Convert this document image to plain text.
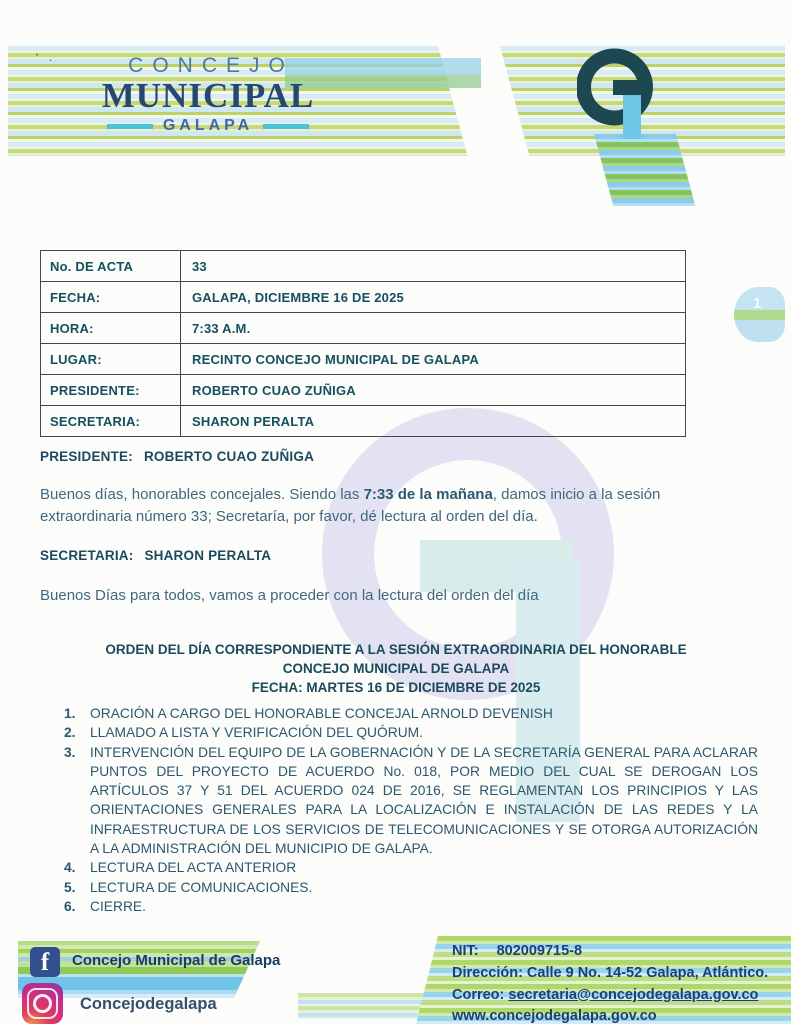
' .	CONCEJO
MUNICIPAL
GALAPA
1
No. DE ACTA	33
FECHA:	GALAPA, DICIEMBRE 16 DE 2025
HORA:	7:33 A.M.
LUGAR:	RECINTO CONCEJO MUNICIPAL DE GALAPA
PRESIDENTE:	ROBERTO CUAO ZUÑIGA
SECRETARIA:	SHARON PERALTA
PRESIDENTE: ROBERTO CUAO ZUÑIGA
Buenos días, honorables concejales. Siendo las 7:33 de la mañana, damos inicio a la sesión extraordinaria número 33; Secretaría, por favor, dé lectura al orden del día.
SECRETARIA: SHARON PERALTA
Buenos Días para todos, vamos a proceder con la lectura del orden del día
ORDEN DEL DÍA CORRESPONDIENTE A LA SESIÓN EXTRAORDINARIA DEL HONORABLE
CONCEJO MUNICIPAL DE GALAPA
FECHA: MARTES 16 DE DICIEMBRE DE 2025
1.	ORACIÓN A CARGO DEL HONORABLE CONCEJAL ARNOLD DEVENISH
2.	LLAMADO A LISTA Y VERIFICACIÓN DEL QUÓRUM.
3.	INTERVENCIÓN DEL EQUIPO DE LA GOBERNACIÓN Y DE LA SECRETARÍA GENERAL PARA ACLARAR PUNTOS DEL PROYECTO DE ACUERDO No. 018, POR MEDIO DEL CUAL SE DEROGAN LOS ARTÍCULOS 37 Y 51 DEL ACUERDO 024 DE 2016, SE REGLAMENTAN LOS PRINCIPIOS Y LAS ORIENTACIONES GENERALES PARA LA LOCALIZACIÓN E INSTALACIÓN DE LAS REDES Y LA INFRAESTRUCTURA DE LOS SERVICIOS DE TELECOMUNICACIONES Y SE OTORGA AUTORIZACIÓN A LA ADMINISTRACIÓN DEL MUNICIPIO DE GALAPA.
4.	LECTURA DEL ACTA ANTERIOR
5.	LECTURA DE COMUNICACIONES.
6.	CIERRE.
f	Concejo Municipal de Galapa
Concejodegalapa
NIT: 802009715-8
Dirección: Calle 9 No. 14-52 Galapa, Atlántico.
Correo: secretaria@concejodegalapa.gov.co
www.concejodegalapa.gov.co
